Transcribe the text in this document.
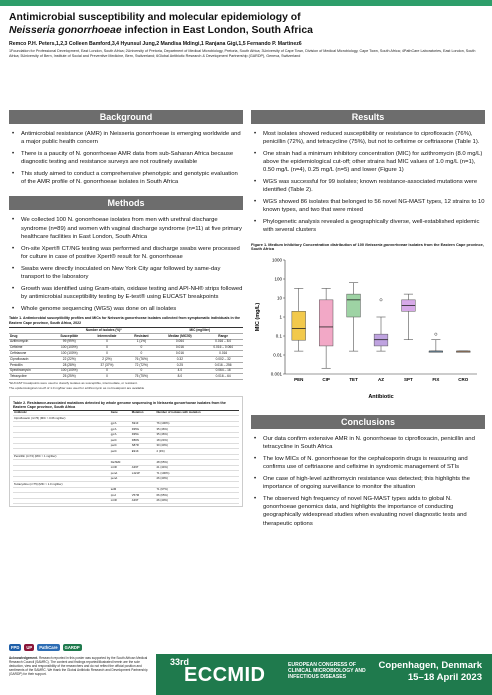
Antimicrobial susceptibility and molecular epidemiology of
Neisseria gonorrhoeae infection in East London, South Africa
Remco P.H. Peters,1,2,3 Colleen Bamford,3,4 Hyunsul Jung,2 Mandisa Mdingi,1 Ranjana Gigi,1,5 Fernando P. Martinez6
1Foundation for Professional Development, East London, South Africa; 2University of Pretoria, Department of Medical Microbiology, Pretoria, South Africa; 3University of Cape Town, Division of Medical Microbiology, Cape Town, South Africa; 4PathCare Laboratories, East London, South Africa; 5University of Bern, Institute of Social and Preventive Medicine, Bern, Switzerland; 6Global Antibiotic Research & Development Partnership (GARDP), Geneva, Switzerland
Background
• Antimicrobial resistance (AMR) in Neisseria gonorrhoeae is emerging worldwide and a major public health concern
• There is a paucity of N. gonorrhoeae AMR data from sub-Saharan Africa because diagnostic testing and resistance surveys are not routinely available
• This study aimed to conduct a comprehensive phenotypic and genotypic evaluation of the AMR profile of N. gonorrhoeae isolates in South Africa
Methods
• We collected 100 N. gonorrhoeae isolates from men with urethral discharge syndrome (n=89) and women with vaginal discharge syndrome (n=11) at five primary healthcare facilities in East London, South Africa
• On-site Xpert® CT/NG testing was performed and discharge swabs were processed for culture in case of positive Xpert® result for N. gonorrhoeae
• Swabs were directly inoculated on New York City agar followed by same-day transport to the laboratory
• Growth was identified using Gram-stain, oxidase testing and API-NH® strips followed by antimicrobial susceptibility testing by E-test® using EUCAST breakpoints
• Whole genome sequencing (WGS) was done on all isolates
Table 1. Antimicrobial susceptibility profiles and MICs for Neisseria gonorrhoeae isolates collected from symptomatic individuals in the Eastern Cape province, South Africa, 2022
	Number of isolates (%)*			MIC (mg/liter)	
Drug	Susceptible	Intermediate	Resistant	Median (MIC50)	Range
Azithromycin	99 (99%)	0	1 (1%)	0.064	0.016 – 8.0
Cefixime	100 (100%)	0	0	0.016	0.016 – 0.064
Ceftriaxone	100 (100%)	0	0	0.016	0.016
Ciprofloxacin	22 (22%)	2 (2%)	76 (76%)	0.32	0.002 – 32
Penicillin	28 (28%)	37 (37%)	72 (72%)	0.25	0.016 – 256
Spectinomycin	100 (100%)	0	0	4.0	0.064 – 16
Tetracycline	25 (25%)	0	75 (75%)	8.0	0.016 – 64
*EUCAST breakpoints were used to classify isolates as susceptible, intermediate, or resistant.
The epidemiological cut-off of 1.0 mg/liter was used for azithromycin as no breakpoint are available
Table 2. Resistance-associated mutations detected by whole genome sequencing in Neisseria gonorrhoeae isolates from the Eastern Cape province, South Africa
Antibiotic	Gene	Mutation	Number of isolates with mutation
Ciprofloxacin (n=76) (MIC > 0.06 mg/liter)			
	gyrA	S91F	76 (100%)
	gyrA	D95G	35 (46%)
	gyrA	D95A	35 (46%)
	parC	D86N	18 (24%)
	parC	S87R	30 (40%)
	parC	E91K	2 (3%)
Penicillin (n=72) (MIC > 1 mg/liter)			
	blaTEM		48 (65%)
	mtrR	A39T	21 (44%)
	ponA	L421P	71 (100%)
	penA		26 (40%)
Tetracycline (n=75) (MIC > 1.0 mg/liter)			
	tetM		71 (97%)
	rpsJ	V57M	66 (65%)
	mtrR	A39T	26 (40%)
Results
• Most isolates showed reduced susceptibility or resistance to ciprofloxacin (76%), penicillin (72%), and tetracycline (75%), but not to cefixime or ceftriaxone (Table 1).
• One strain had a minimum inhibitory concentration (MIC) for azithromycin (8.0 mg/L) above the epidemiological cut-off; other strains had MIC values of 1.0 mg/L (n=1), 0.50 mg/L (n=4), 0.25 mg/L (n=5) and lower (Figure 1)
• WGS was successful for 99 isolates; known resistance-associated mutations were identified (Table 2).
• WGS showed 86 isolates that belonged to 56 novel NG-MAST types, 12 strains to 10 known types, and two that were mixed
• Phylogenetic analysis revealed a geographically diverse, well-established epidemic with several clusters
Figure 1. Medium Inhibitory Concentration distribution of 100 Neisseria gonorrhoeae isolates from the Eastern Cape province, South Africa
0.001
0.01
0.1
1
10
100
1000
MIC (mg/L)
Antibiotic
PEN	CIP	TET	AZ	SPT	FIX	CRO
Conclusions
• Our data confirm extensive AMR in N. gonorrhoeae to ciprofloxacin, penicillin and tetracycline in South Africa
• The low MICs of N. gonorrhoeae for the cephalosporin drugs is reassuring and confirms use of ceftriaxone and cefixime in syndromic management of STIs
• One case of high-level azithromycin resistance was detected; this highlights the importance of ongoing surveillance to monitor the situation
• The observed high frequency of novel NG-MAST types adds to global N. gonorrhoeae genomics data, and highlights the importance of conducting geographically widespread studies when evaluating novel diagnostic tests and therapeutic options
FPD	UP	PathCare	GARDP
Acknowledgement. Research reported in this poster was supported by the South African Medical Research Council (SAMRC). The content and findings reported/illustrated herein are the sole deduction, view and responsibility of the researchers and do not reflect the official position and sentiments of the SAMRC. We thank the Global Antibiotic Research and Development Partnership (GARDP) for their support.
33rd
ECCMID	EUROPEAN CONGRESS OF CLINICAL MICROBIOLOGY AND INFECTIOUS DISEASES
Copenhagen, Denmark
15–18 April 2023
